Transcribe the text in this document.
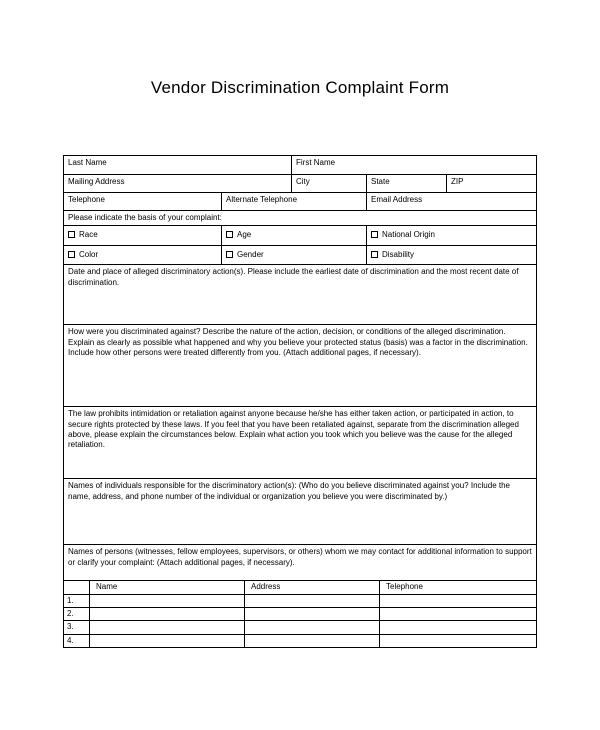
Vendor Discrimination Complaint Form
Last Name	First Name
Mailing Address	City	State	ZIP
Telephone	Alternate Telephone	Email Address
Please indicate the basis of your complaint:
Race	Age	National Origin
Color	Gender	Disability
Date and place of alleged discriminatory action(s). Please include the earliest date of discrimination and the most recent date of discrimination.
How were you discriminated against? Describe the nature of the action, decision, or conditions of the alleged discrimination. Explain as clearly as possible what happened and why you believe your protected status (basis) was a factor in the discrimination. Include how other persons were treated differently from you. (Attach additional pages, if necessary).
The law prohibits intimidation or retaliation against anyone because he/she has either taken action, or participated in action, to secure rights protected by these laws. If you feel that you have been retaliated against, separate from the discrimination alleged above, please explain the circumstances below. Explain what action you took which you believe was the cause for the alleged retaliation.
Names of individuals responsible for the discriminatory action(s): (Who do you believe discriminated against you? Include the name, address, and phone number of the individual or organization you believe you were discriminated by.)
Names of persons (witnesses, fellow employees, supervisors, or others) whom we may contact for additional information to support or clarify your complaint: (Attach additional pages, if necessary).
Name	Address	Telephone
1.
2.
3.
4.
